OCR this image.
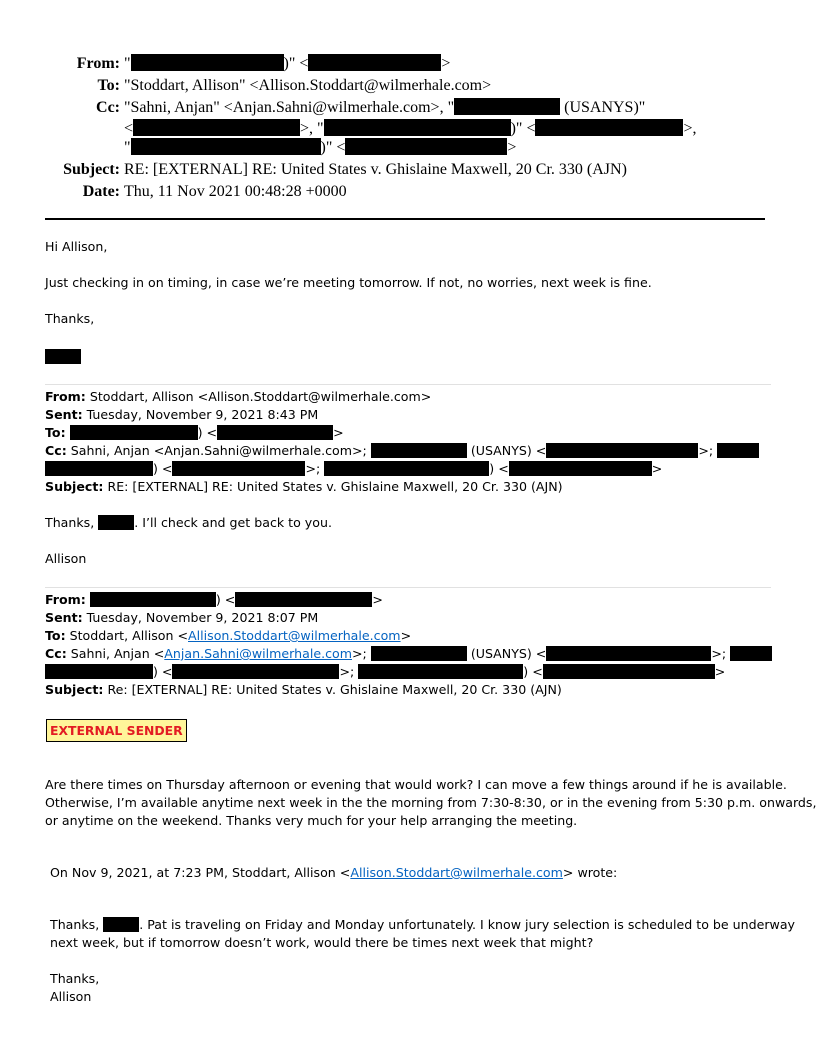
From: "	)" <	>
To: "Stoddart, Allison" <Allison.Stoddart@wilmerhale.com>
Cc: "Sahni, Anjan" <Anjan.Sahni@wilmerhale.com>, "	(USANYS)"
<	>, "	)" <	>,
"	)" <	>
Subject: RE: [EXTERNAL] RE: United States v. Ghislaine Maxwell, 20 Cr. 330 (AJN)
Date: Thu, 11 Nov 2021 00:48:28 +0000
Hi Allison,
Just checking in on timing, in case we’re meeting tomorrow. If not, no worries, next week is fine.
Thanks,
From: Stoddart, Allison <Allison.Stoddart@wilmerhale.com>
Sent: Tuesday, November 9, 2021 8:43 PM
To:	) <	>
Cc: Sahni, Anjan <Anjan.Sahni@wilmerhale.com>;	(USANYS) <	>;
) <	>;	) <	>
Subject: RE: [EXTERNAL] RE: United States v. Ghislaine Maxwell, 20 Cr. 330 (AJN)
Thanks,	. I’ll check and get back to you.
Allison
From:	) <	>
Sent: Tuesday, November 9, 2021 8:07 PM
To: Stoddart, Allison <Allison.Stoddart@wilmerhale.com>
Cc: Sahni, Anjan <Anjan.Sahni@wilmerhale.com>;	(USANYS) <	>;
) <	>;	) <	>
Subject: Re: [EXTERNAL] RE: United States v. Ghislaine Maxwell, 20 Cr. 330 (AJN)
EXTERNAL SENDER
Are there times on Thursday afternoon or evening that would work? I can move a few things around if he is available.
Otherwise, I’m available anytime next week in the the morning from 7:30-8:30, or in the evening from 5:30 p.m. onwards,
or anytime on the weekend. Thanks very much for your help arranging the meeting.
On Nov 9, 2021, at 7:23 PM, Stoddart, Allison <Allison.Stoddart@wilmerhale.com> wrote:
Thanks,	. Pat is traveling on Friday and Monday unfortunately. I know jury selection is scheduled to be underway
next week, but if tomorrow doesn’t work, would there be times next week that might?
Thanks,
Allison
